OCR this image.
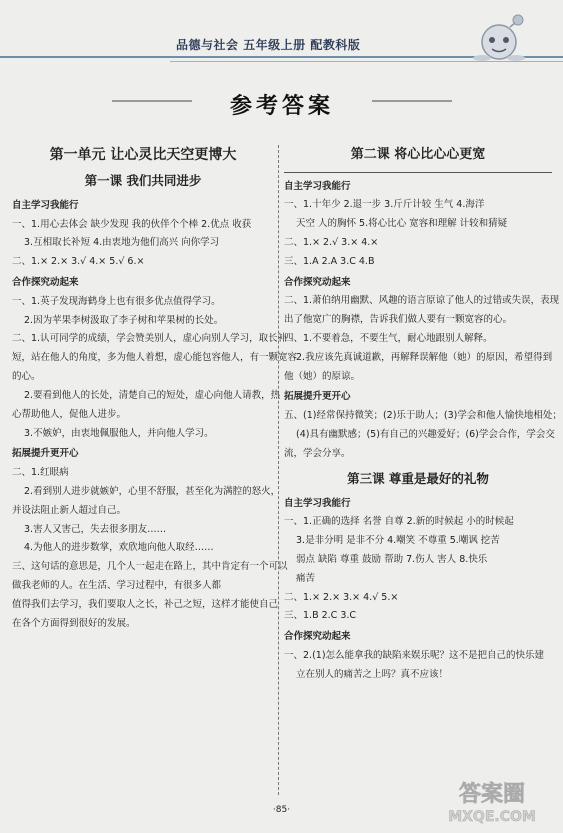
品德与社会 五年级上册 配教科版
参考答案
第一单元 让心灵比天空更博大
第一课 我们共同进步
自主学习我能行
一、1.用心去体会 缺少发现 我的伙伴个个棒 2.优点 收获
3.互相取长补短 4.由衷地为他们高兴 向你学习
二、1.× 2.× 3.√ 4.× 5.√ 6.×
合作探究动起来
一、1.英子发现海鹤身上也有很多优点值得学习。
2.因为苹果李树汲取了李子树和苹果树的长处。
二、1.认可同学的成绩，学会赞美别人，虚心向别人学习，取长补
短，站在他人的角度，多为他人着想，虚心能包容他人，有一颗宽容
的心。
2.要看到他人的长处，清楚自己的短处，虚心向他人请教，热
心帮助他人，促他人进步。
3.不嫉妒，由衷地佩服他人，并向他人学习。
拓展提升更开心
二、1.红眼病
2.看到别人进步就嫉妒，心里不舒服，甚至化为满腔的怒火，
并设法阻止新人超过自己。
3.害人又害己，失去很多朋友……
4.为他人的进步数掌，欢欣地向他人取经……
三、这句话的意思是，几个人一起走在路上，其中肯定有一个可以
做我老师的人。在生活、学习过程中，有很多人都
值得我们去学习，我们要取人之长，补己之短，这样才能使自己
在各个方面得到很好的发展。
第二课 将心比心心更宽
自主学习我能行
一、1.十年少 2.退一步 3.斤斤计较 生气 4.海洋
天空 人的胸怀 5.将心比心 宽容和理解 计较和猜疑
二、1.× 2.√ 3.× 4.×
三、1.A 2.A 3.C 4.B
合作探究动起来
二、1.萧伯纳用幽默、风趣的语言原谅了他人的过错或失误，表现
出了他宽广的胸襟，告诉我们做人要有一颗宽容的心。
四、1.不要着急，不要生气，耐心地跟别人解释。
2.我应该先真诚道歉，再解释误解他（她）的原因，希望得到
他（她）的原谅。
拓展提升更开心
五、(1)经常保持微笑；(2)乐于助人；(3)学会和他人愉快地相处；
(4)具有幽默感；(5)有自己的兴趣爱好；(6)学会合作，学会交
流，学会分享。
第三课 尊重是最好的礼物
自主学习我能行
一、1.正确的选择 名誉 自尊 2.新的时候起 小的时候起
3.是非分明 是非不分 4.嘲笑 不尊重 5.嘲讽 挖苦
弱点 缺陷 尊重 鼓励 帮助 7.伤人 害人 8.快乐
痛苦
二、1.× 2.× 3.× 4.√ 5.×
三、1.B 2.C 3.C
合作探究动起来
一、2.(1)怎么能拿我的缺陷来娱乐呢？这不是把自己的快乐建
立在别人的痛苦之上吗？真不应该！
·85·
答案圈
MXQE.COM
